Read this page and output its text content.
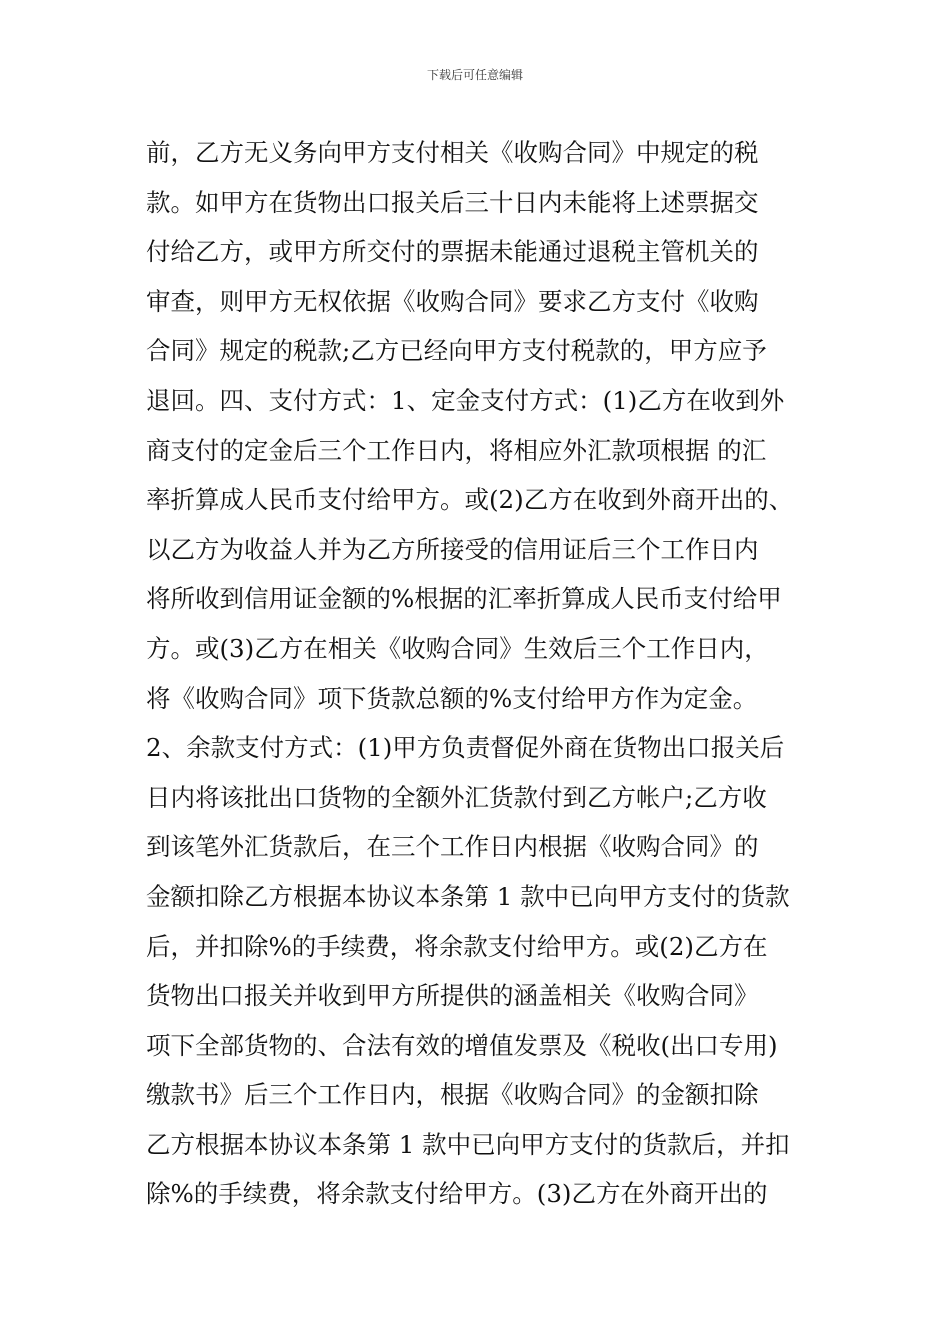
下载后可任意编辑
前，乙方无义务向甲方支付相关《收购合同》中规定的税
款。如甲方在货物出口报关后三十日内未能将上述票据交
付给乙方，或甲方所交付的票据未能通过退税主管机关的
审查，则甲方无权依据《收购合同》要求乙方支付《收购
合同》规定的税款;乙方已经向甲方支付税款的，甲方应予
退回。四、支付方式：1、定金支付方式：(1)乙方在收到外
商支付的定金后三个工作日内，将相应外汇款项根据 的汇
率折算成人民币支付给甲方。或(2)乙方在收到外商开出的、
以乙方为收益人并为乙方所接受的信用证后三个工作日内
将所收到信用证金额的%根据的汇率折算成人民币支付给甲
方。或(3)乙方在相关《收购合同》生效后三个工作日内，
将《收购合同》项下货款总额的%支付给甲方作为定金。
2、余款支付方式：(1)甲方负责督促外商在货物出口报关后
日内将该批出口货物的全额外汇货款付到乙方帐户;乙方收
到该笔外汇货款后，在三个工作日内根据《收购合同》的
金额扣除乙方根据本协议本条第 1 款中已向甲方支付的货款
后，并扣除%的手续费，将余款支付给甲方。或(2)乙方在
货物出口报关并收到甲方所提供的涵盖相关《收购合同》
项下全部货物的、合法有效的增值发票及《税收(出口专用)
缴款书》后三个工作日内，根据《收购合同》的金额扣除
乙方根据本协议本条第 1 款中已向甲方支付的货款后，并扣
除%的手续费，将余款支付给甲方。(3)乙方在外商开出的
